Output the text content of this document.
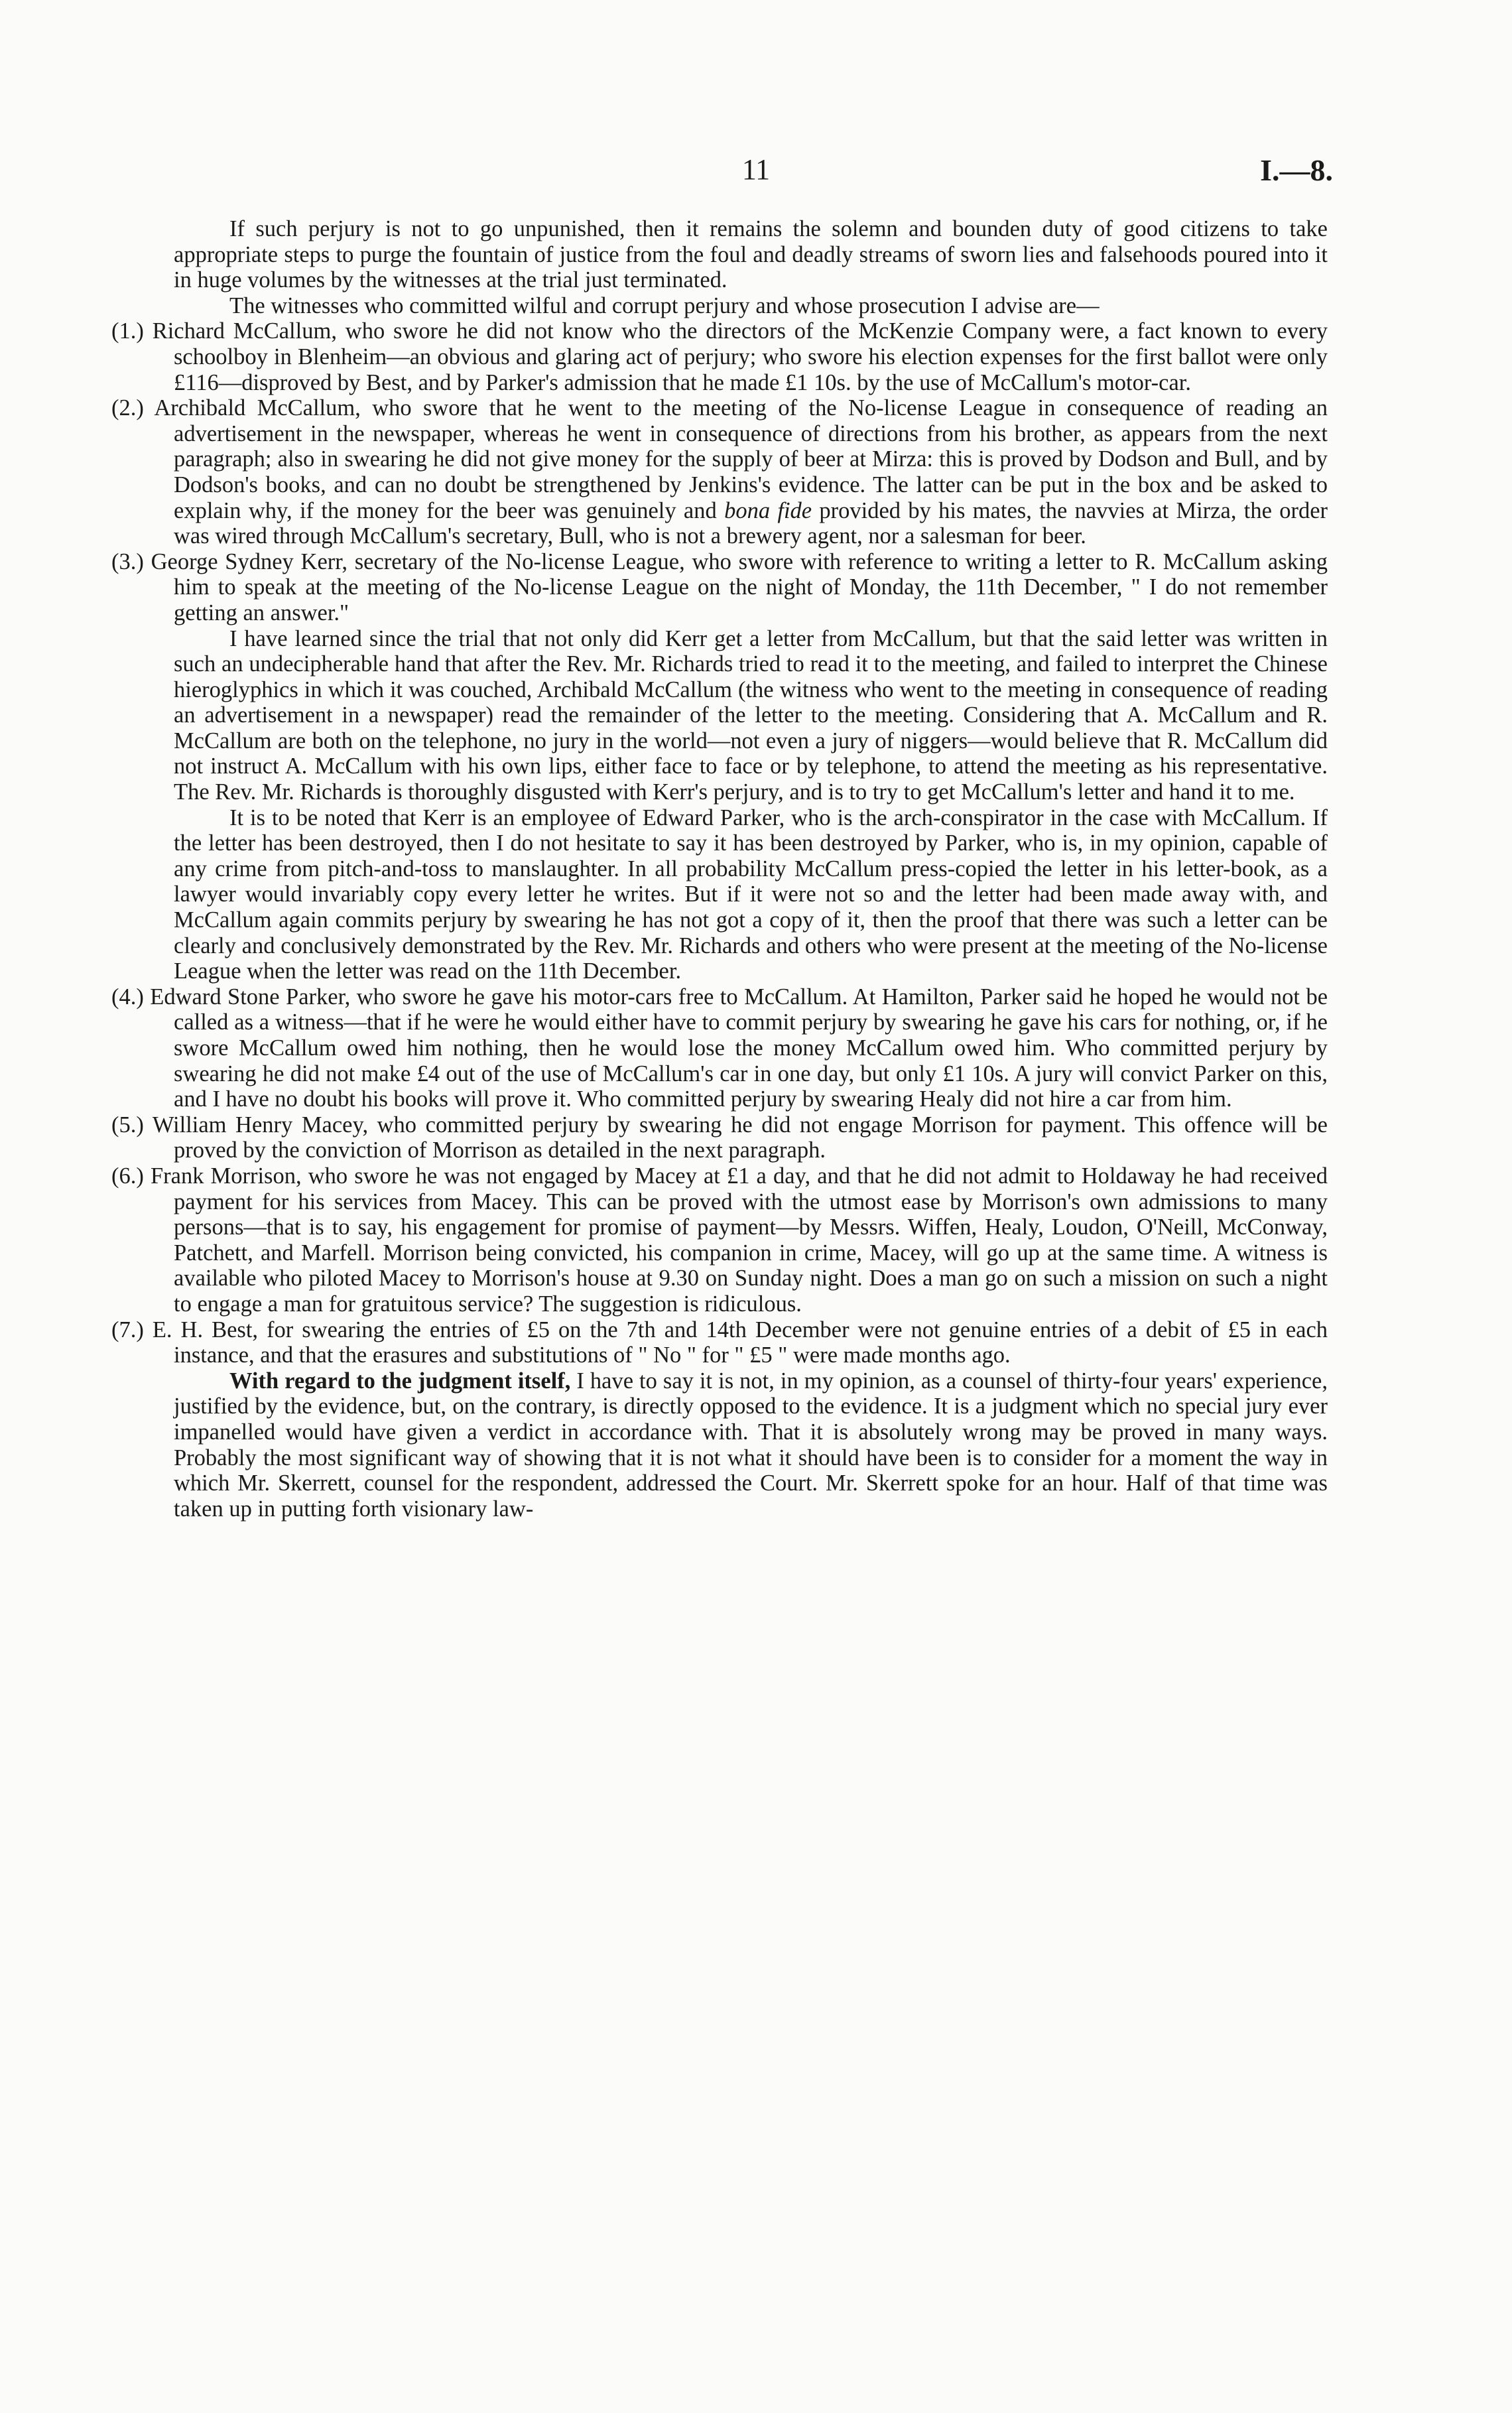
11	I.—8.

If such perjury is not to go unpunished, then it remains the solemn and bounden duty of good citizens to take appropriate steps to purge the fountain of justice from the foul and deadly streams of sworn lies and falsehoods poured into it in huge volumes by the witnesses at the trial just terminated.

The witnesses who committed wilful and corrupt perjury and whose prosecution I advise are—

(1.) Richard McCallum, who swore he did not know who the directors of the McKenzie Company were, a fact known to every schoolboy in Blenheim—an obvious and glaring act of perjury; who swore his election expenses for the first ballot were only £116—disproved by Best, and by Parker's admission that he made £1 10s. by the use of McCallum's motor-car.

(2.) Archibald McCallum, who swore that he went to the meeting of the No-license League in consequence of reading an advertisement in the newspaper, whereas he went in consequence of directions from his brother, as appears from the next paragraph; also in swearing he did not give money for the supply of beer at Mirza: this is proved by Dodson and Bull, and by Dodson's books, and can no doubt be strengthened by Jenkins's evidence. The latter can be put in the box and be asked to explain why, if the money for the beer was genuinely and bona fide provided by his mates, the navvies at Mirza, the order was wired through McCallum's secretary, Bull, who is not a brewery agent, nor a salesman for beer.

(3.) George Sydney Kerr, secretary of the No-license League, who swore with reference to writing a letter to R. McCallum asking him to speak at the meeting of the No-license League on the night of Monday, the 11th December, " I do not remember getting an answer."

I have learned since the trial that not only did Kerr get a letter from McCallum, but that the said letter was written in such an undecipherable hand that after the Rev. Mr. Richards tried to read it to the meeting, and failed to interpret the Chinese hieroglyphics in which it was couched, Archibald McCallum (the witness who went to the meeting in consequence of reading an advertisement in a newspaper) read the remainder of the letter to the meeting. Considering that A. McCallum and R. McCallum are both on the telephone, no jury in the world—not even a jury of niggers—would believe that R. McCallum did not instruct A. McCallum with his own lips, either face to face or by telephone, to attend the meeting as his representative. The Rev. Mr. Richards is thoroughly disgusted with Kerr's perjury, and is to try to get McCallum's letter and hand it to me.

It is to be noted that Kerr is an employee of Edward Parker, who is the arch-conspirator in the case with McCallum. If the letter has been destroyed, then I do not hesitate to say it has been destroyed by Parker, who is, in my opinion, capable of any crime from pitch-and-toss to manslaughter. In all probability McCallum press-copied the letter in his letter-book, as a lawyer would invariably copy every letter he writes. But if it were not so and the letter had been made away with, and McCallum again commits perjury by swearing he has not got a copy of it, then the proof that there was such a letter can be clearly and conclusively demonstrated by the Rev. Mr. Richards and others who were present at the meeting of the No-license League when the letter was read on the 11th December.

(4.) Edward Stone Parker, who swore he gave his motor-cars free to McCallum. At Hamilton, Parker said he hoped he would not be called as a witness—that if he were he would either have to commit perjury by swearing he gave his cars for nothing, or, if he swore McCallum owed him nothing, then he would lose the money McCallum owed him. Who committed perjury by swearing he did not make £4 out of the use of McCallum's car in one day, but only £1 10s. A jury will convict Parker on this, and I have no doubt his books will prove it. Who committed perjury by swearing Healy did not hire a car from him.

(5.) William Henry Macey, who committed perjury by swearing he did not engage Morrison for payment. This offence will be proved by the conviction of Morrison as detailed in the next paragraph.

(6.) Frank Morrison, who swore he was not engaged by Macey at £1 a day, and that he did not admit to Holdaway he had received payment for his services from Macey. This can be proved with the utmost ease by Morrison's own admissions to many persons—that is to say, his engagement for promise of payment—by Messrs. Wiffen, Healy, Loudon, O'Neill, McConway, Patchett, and Marfell. Morrison being convicted, his companion in crime, Macey, will go up at the same time. A witness is available who piloted Macey to Morrison's house at 9.30 on Sunday night. Does a man go on such a mission on such a night to engage a man for gratuitous service? The suggestion is ridiculous.

(7.) E. H. Best, for swearing the entries of £5 on the 7th and 14th December were not genuine entries of a debit of £5 in each instance, and that the erasures and substitutions of " No " for " £5 " were made months ago.

With regard to the judgment itself, I have to say it is not, in my opinion, as a counsel of thirty-four years' experience, justified by the evidence, but, on the contrary, is directly opposed to the evidence. It is a judgment which no special jury ever impanelled would have given a verdict in accordance with. That it is absolutely wrong may be proved in many ways. Probably the most significant way of showing that it is not what it should have been is to consider for a moment the way in which Mr. Skerrett, counsel for the respondent, addressed the Court. Mr. Skerrett spoke for an hour. Half of that time was taken up in putting forth visionary law-
